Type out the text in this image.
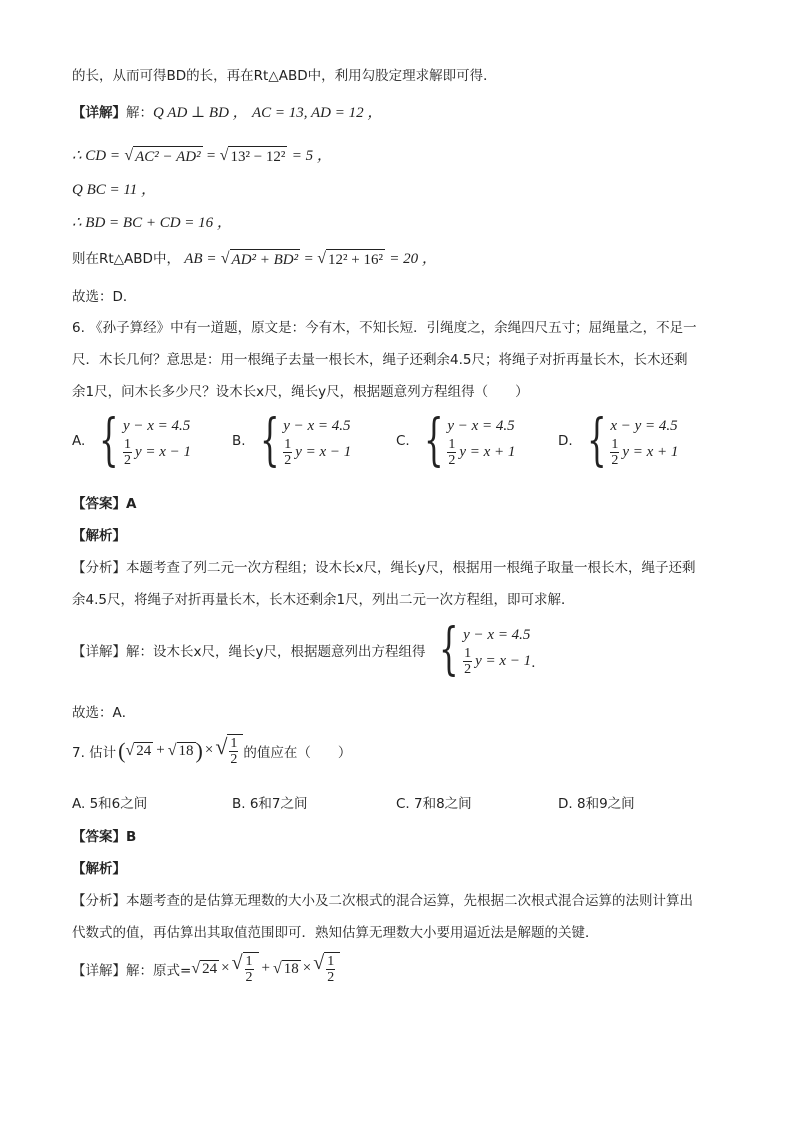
的长，从而可得BD的长，再在Rt△ABD中，利用勾股定理求解即可得．
【详解】解：Q AD ⊥ BD ， AC = 13, AD = 12 ，
∴ CD = √ AC² − AD² = √ 13² − 12² = 5 ，
Q BC = 11 ，
∴ BD = BC + CD = 16 ，
则在Rt△ABD中， AB = √ AD² + BD² = √ 12² + 16² = 20 ，
故选：D．
6. 《孙子算经》中有一道题，原文是：今有木，不知长短．引绳度之，余绳四尺五寸；屈绳量之，不足一
尺．木长几何？意思是：用一根绳子去量一根长木，绳子还剩余4.5尺；将绳子对折再量长木，长木还剩
余1尺，问木长多少尺？设木长x尺，绳长y尺，根据题意列方程组得（　　）
A. { y − x = 4.5
$\frac{1}{2}$ y = x − 1
B. { y − x = 4.5
$\frac{1}{2}$ y = x − 1
C. { y − x = 4.5
$\frac{1}{2}$ y = x + 1
D. { x − y = 4.5
$\frac{1}{2}$ y = x + 1
【答案】A
【解析】
【分析】本题考查了列二元一次方程组；设木长x尺，绳长y尺，根据用一根绳子取量一根长木，绳子还剩
余4.5尺，将绳子对折再量长木，长木还剩余1尺，列出二元一次方程组，即可求解．
【详解】解：设木长x尺，绳长y尺，根据题意列出方程组得 { y − x = 4.5
$\frac{1}{2}$ y = x − 1 ．
故选：A．
7. 估计 ( √ 24 + √ 18 ) × √ $\frac{1}{2}$ 的值应在（　　）
A. 5和6之间	B. 6和7之间	C. 7和8之间	D. 8和9之间
【答案】B
【解析】
【分析】本题考查的是估算无理数的大小及二次根式的混合运算，先根据二次根式混合运算的法则计算出
代数式的值，再估算出其取值范围即可．熟知估算无理数大小要用逼近法是解题的关键．
【详解】解：原式= √ 24 × √ $\frac{1}{2}$ + √ 18 × √ $\frac{1}{2}$
